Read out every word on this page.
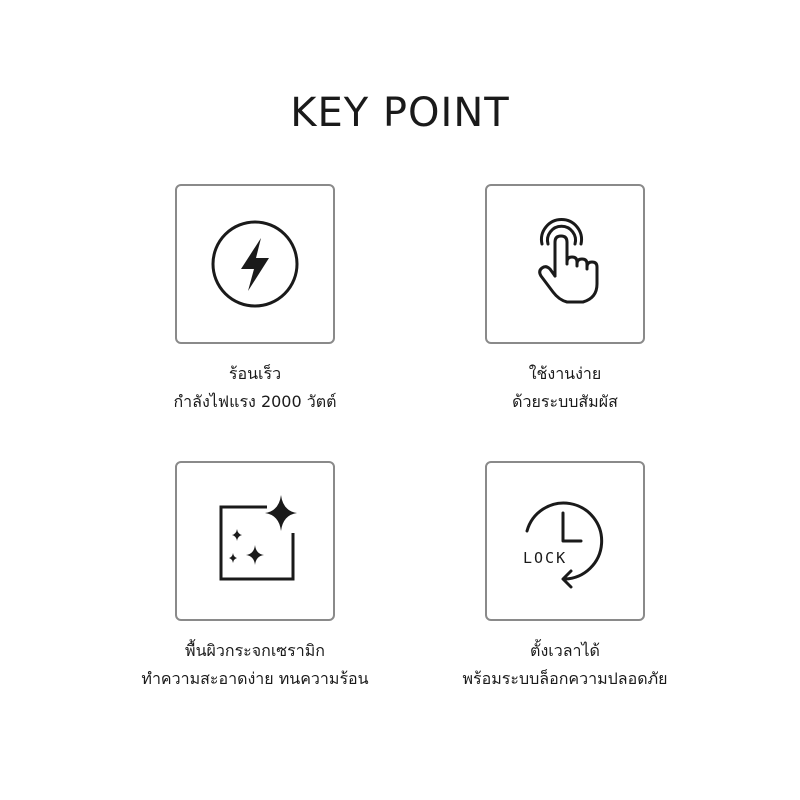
KEY POINT
ร้อนเร็ว
กำลังไฟแรง 2000 วัตต์
ใช้งานง่าย
ด้วยระบบสัมผัส
พื้นผิวกระจกเซรามิก
ทำความสะอาดง่าย ทนความร้อน
LOCK
ตั้งเวลาได้
พร้อมระบบล็อกความปลอดภัย
